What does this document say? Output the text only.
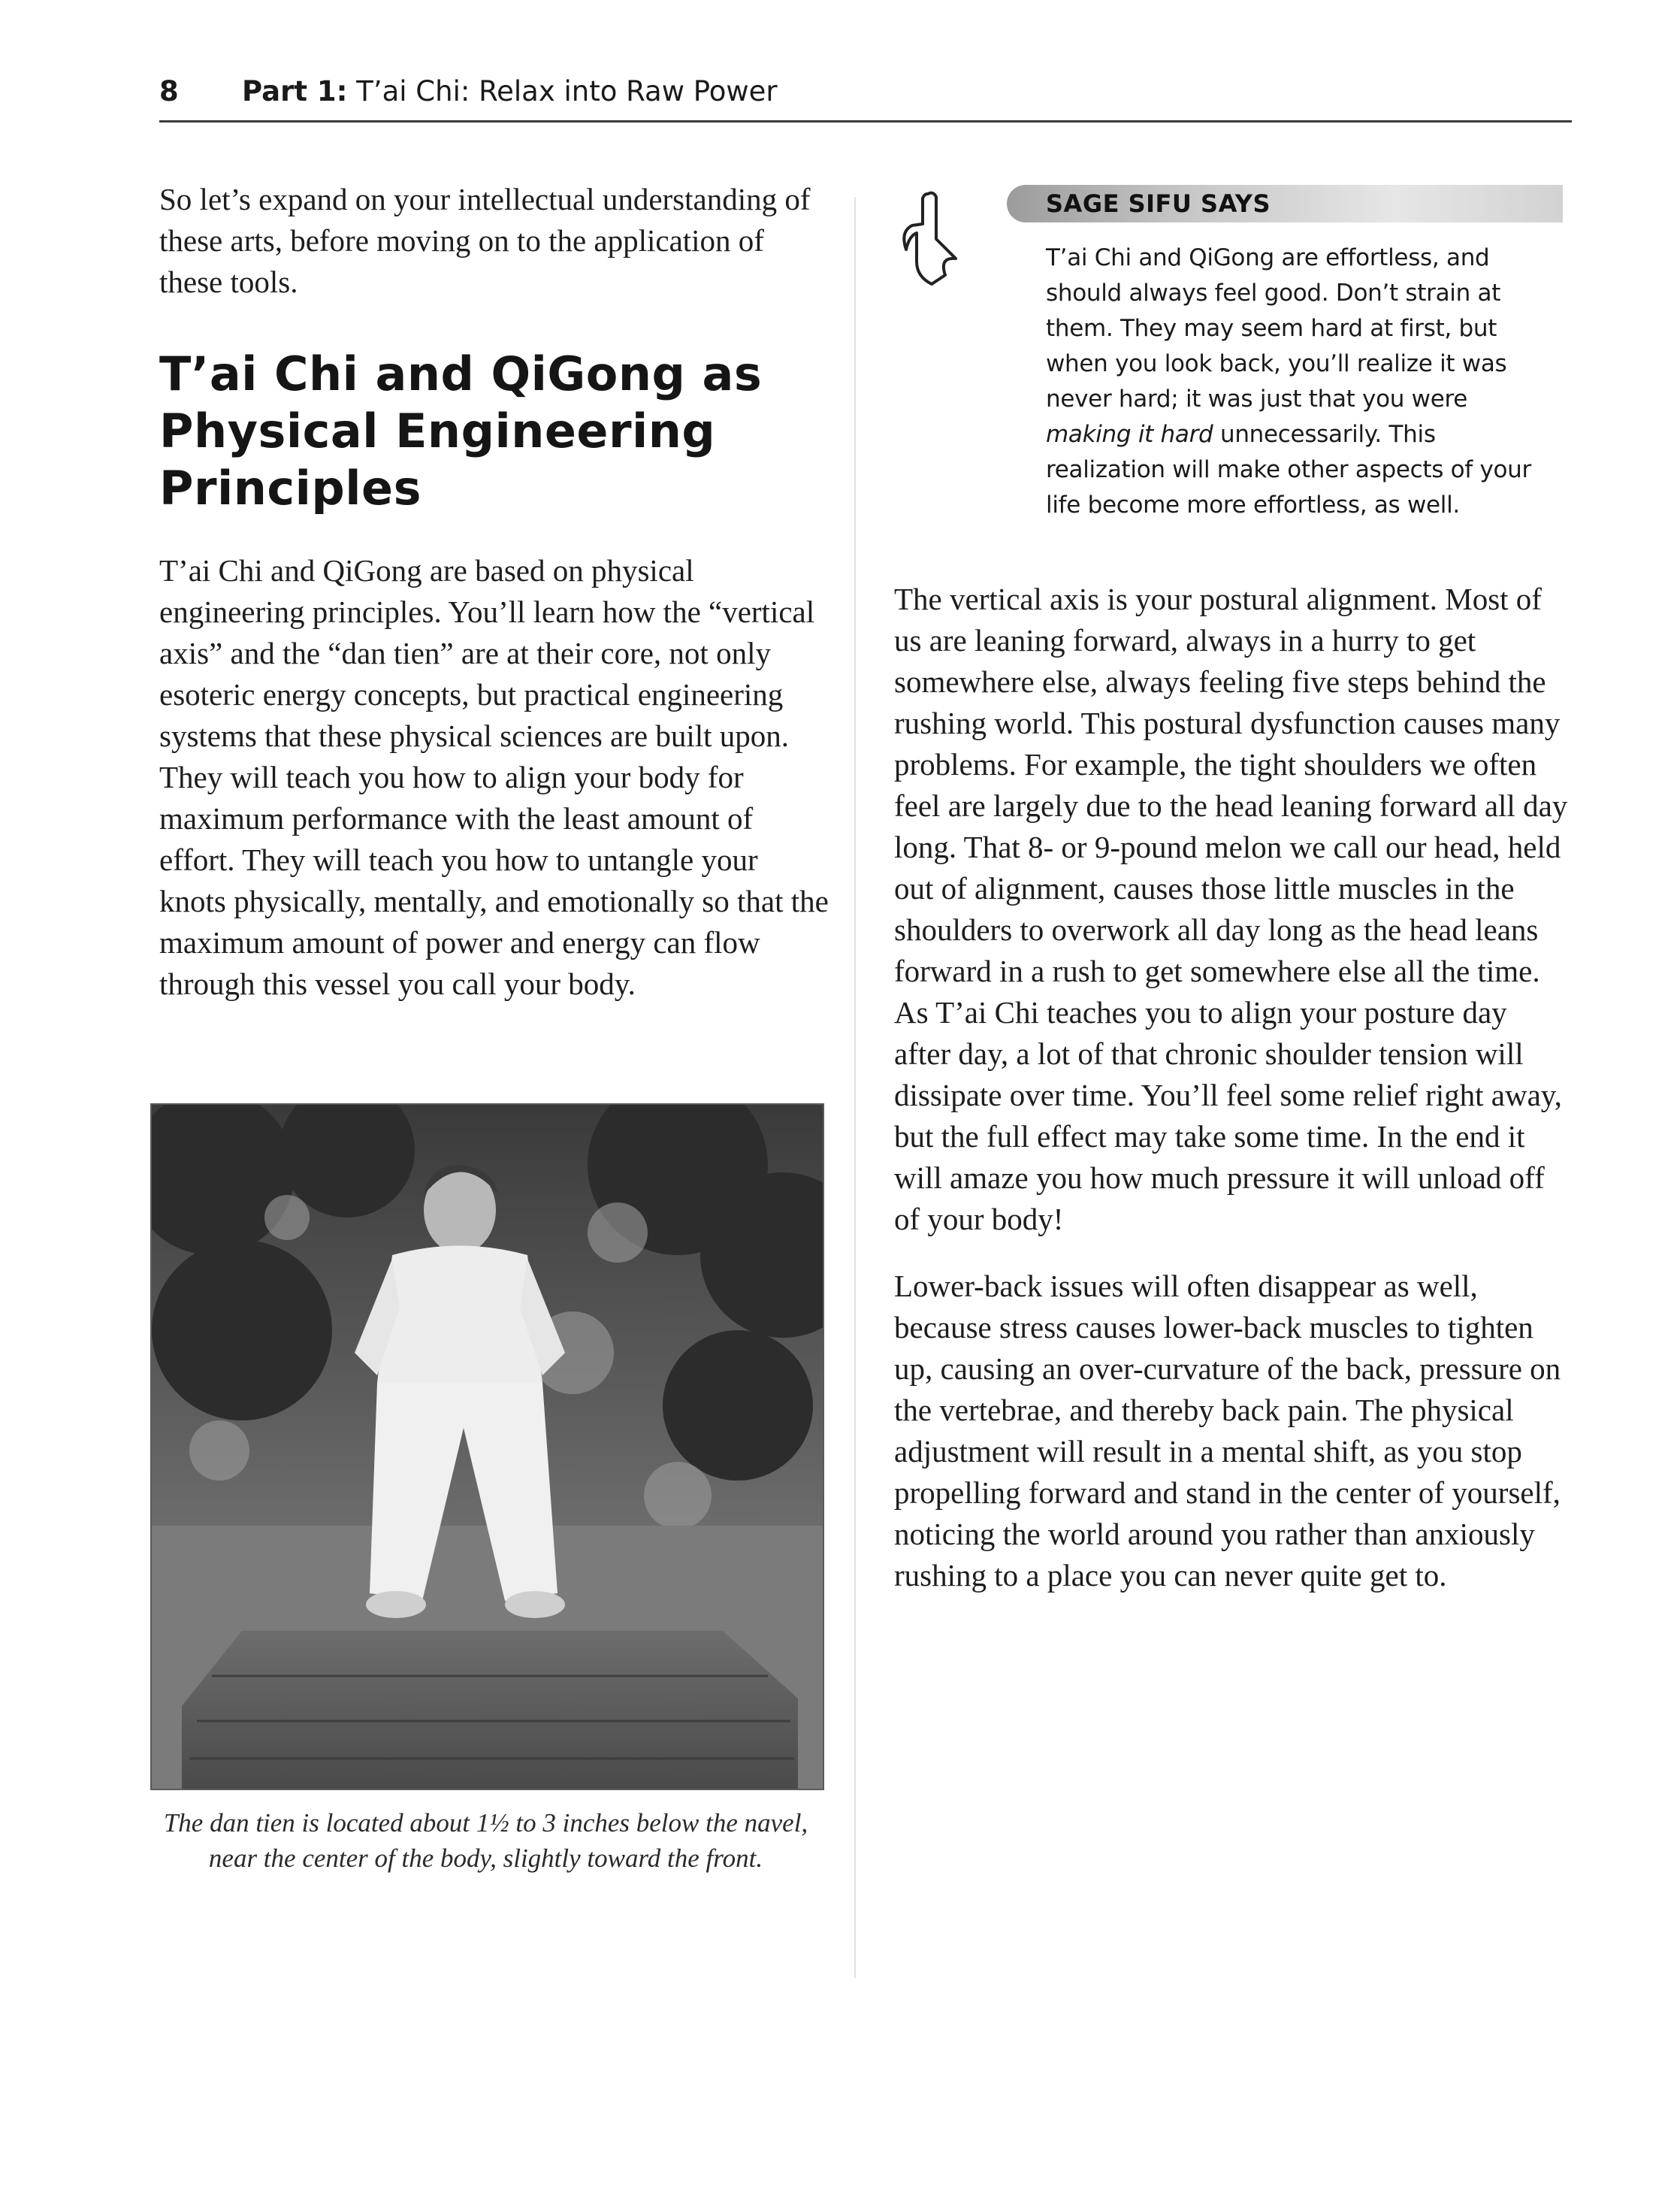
8 Part 1: T’ai Chi: Relax into Raw Power

So let’s expand on your intellectual understanding of these arts, before moving on to the application of these tools.

T’ai Chi and QiGong as Physical Engineering Principles

T’ai Chi and QiGong are based on physical engineering principles. You’ll learn how the “vertical axis” and the “dan tien” are at their core, not only esoteric energy concepts, but practical engineering systems that these physical sciences are built upon. They will teach you how to align your body for maximum performance with the least amount of effort. They will teach you how to untangle your knots physically, mentally, and emotionally so that the maximum amount of power and energy can flow through this vessel you call your body.

The dan tien is located about 1½ to 3 inches below the navel, near the center of the body, slightly toward the front.
SAGE SIFU SAYS
T’ai Chi and QiGong are effortless, and should always feel good. Don’t strain at them. They may seem hard at first, but when you look back, you’ll realize it was never hard; it was just that you were making it hard unnecessarily. This realization will make other aspects of your life become more effortless, as well.

The vertical axis is your postural alignment. Most of us are leaning forward, always in a hurry to get somewhere else, always feeling five steps behind the rushing world. This postural dysfunction causes many problems. For example, the tight shoulders we often feel are largely due to the head leaning forward all day long. That 8- or 9-pound melon we call our head, held out of alignment, causes those little muscles in the shoulders to overwork all day long as the head leans forward in a rush to get somewhere else all the time. As T’ai Chi teaches you to align your posture day after day, a lot of that chronic shoulder tension will dissipate over time. You’ll feel some relief right away, but the full effect may take some time. In the end it will amaze you how much pressure it will unload off of your body!

Lower-back issues will often disappear as well, because stress causes lower-back muscles to tighten up, causing an over-curvature of the back, pressure on the vertebrae, and thereby back pain. The physical adjustment will result in a mental shift, as you stop propelling forward and stand in the center of yourself, noticing the world around you rather than anxiously rushing to a place you can never quite get to.
